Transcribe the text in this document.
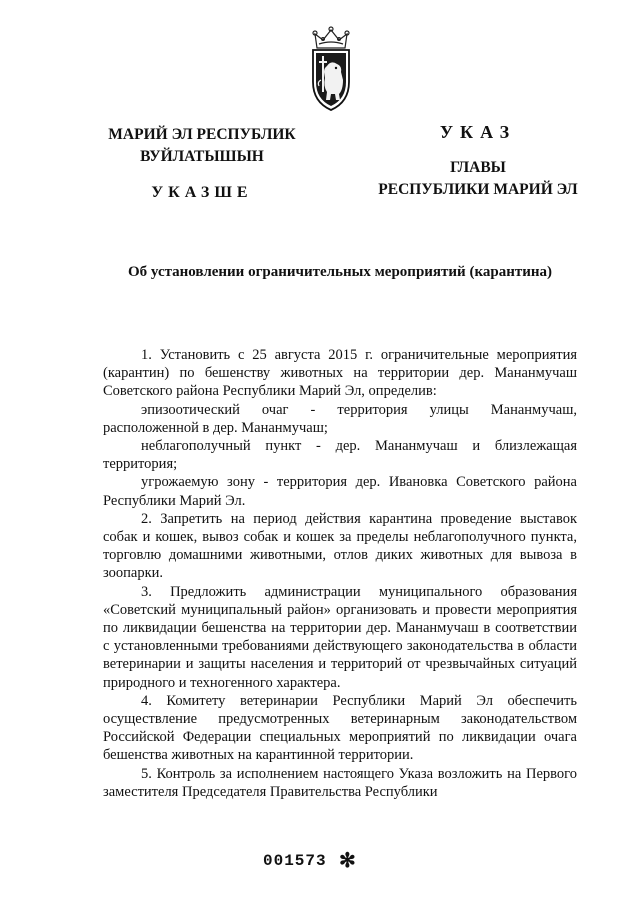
МАРИЙ ЭЛ РЕСПУБЛИК
ВУЙЛАТЫШЫН
УКАЗШЕ
УКАЗ
ГЛАВЫ
РЕСПУБЛИКИ МАРИЙ ЭЛ
Об установлении ограничительных мероприятий (карантина)

1. Установить с 25 августа 2015 г. ограничительные мероприятия (карантин) по бешенству животных на территории дер. Мананмучаш Советского района Республики Марий Эл, определив:

эпизоотический очаг - территория улицы Мананмучаш, расположенной в дер. Мананмучаш;

неблагополучный пункт - дер. Мананмучаш и близлежащая территория;

угрожаемую зону - территория дер. Ивановка Советского района Республики Марий Эл.

2. Запретить на период действия карантина проведение выставок собак и кошек, вывоз собак и кошек за пределы неблагополучного пункта, торговлю домашними животными, отлов диких животных для вывоза в зоопарки.

3. Предложить администрации муниципального образования «Советский муниципальный район» организовать и провести мероприятия по ликвидации бешенства на территории дер. Мананмучаш в соответствии с установленными требованиями действующего законодательства в области ветеринарии и защиты населения и территорий от чрезвычайных ситуаций природного и техногенного характера.

4. Комитету ветеринарии Республики Марий Эл обеспечить осуществление предусмотренных ветеринарным законодательством Российской Федерации специальных мероприятий по ликвидации очага бешенства животных на карантинной территории.

5. Контроль за исполнением настоящего Указа возложить на Первого заместителя Председателя Правительства Республики

001573 ✻
